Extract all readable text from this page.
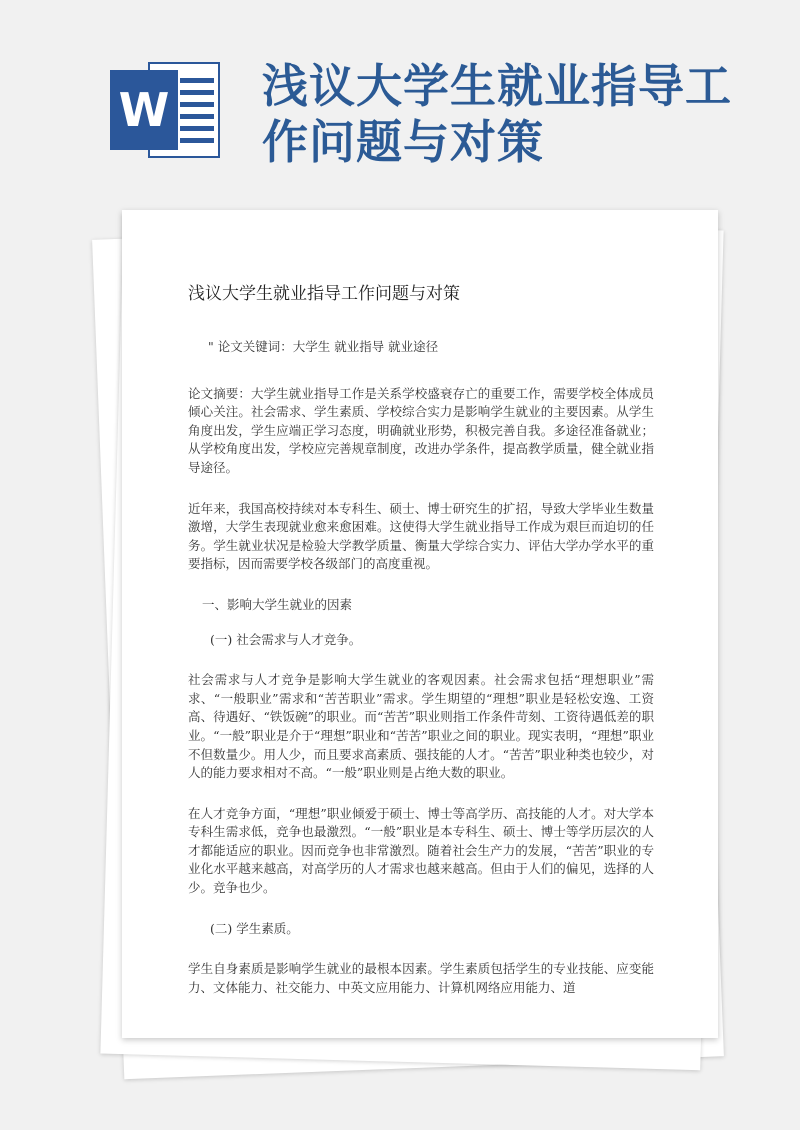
W 浅议大学生就业指导工作问题与对策
浅议大学生就业指导工作问题与对策

" 论文关键词：大学生 就业指导 就业途径

论文摘要：大学生就业指导工作是关系学校盛衰存亡的重要工作，需要学校全体成员倾心关注。社会需求、学生素质、学校综合实力是影响学生就业的主要因素。从学生角度出发，学生应端正学习态度，明确就业形势，积极完善自我。多途径准备就业；从学校角度出发，学校应完善规章制度，改进办学条件，提高教学质量，健全就业指导途径。

近年来，我国高校持续对本专科生、硕士、博士研究生的扩招，导致大学毕业生数量激增，大学生表现就业愈来愈困难。这使得大学生就业指导工作成为艰巨而迫切的任务。学生就业状况是检验大学教学质量、衡量大学综合实力、评估大学办学水平的重要指标，因而需要学校各级部门的高度重视。

一、影响大学生就业的因素

(一) 社会需求与人才竞争。

社会需求与人才竞争是影响大学生就业的客观因素。社会需求包括“理想职业”需求、“一般职业”需求和“苦苦职业”需求。学生期望的“理想”职业是轻松安逸、工资高、待遇好、“铁饭碗”的职业。而“苦苦”职业则指工作条件苛刻、工资待遇低差的职业。“一般”职业是介于“理想”职业和“苦苦”职业之间的职业。现实表明，“理想”职业不但数量少。用人少，而且要求高素质、强技能的人才。“苦苦”职业种类也较少，对人的能力要求相对不高。“一般”职业则是占绝大数的职业。

在人才竞争方面，“理想”职业倾爱于硕士、博士等高学历、高技能的人才。对大学本专科生需求低，竞争也最激烈。“一般”职业是本专科生、硕士、博士等学历层次的人才都能适应的职业。因而竞争也非常激烈。随着社会生产力的发展，“苦苦”职业的专业化水平越来越高，对高学历的人才需求也越来越高。但由于人们的偏见，选择的人少。竞争也少。

(二) 学生素质。

学生自身素质是影响学生就业的最根本因素。学生素质包括学生的专业技能、应变能力、文体能力、社交能力、中英文应用能力、计算机网络应用能力、道
